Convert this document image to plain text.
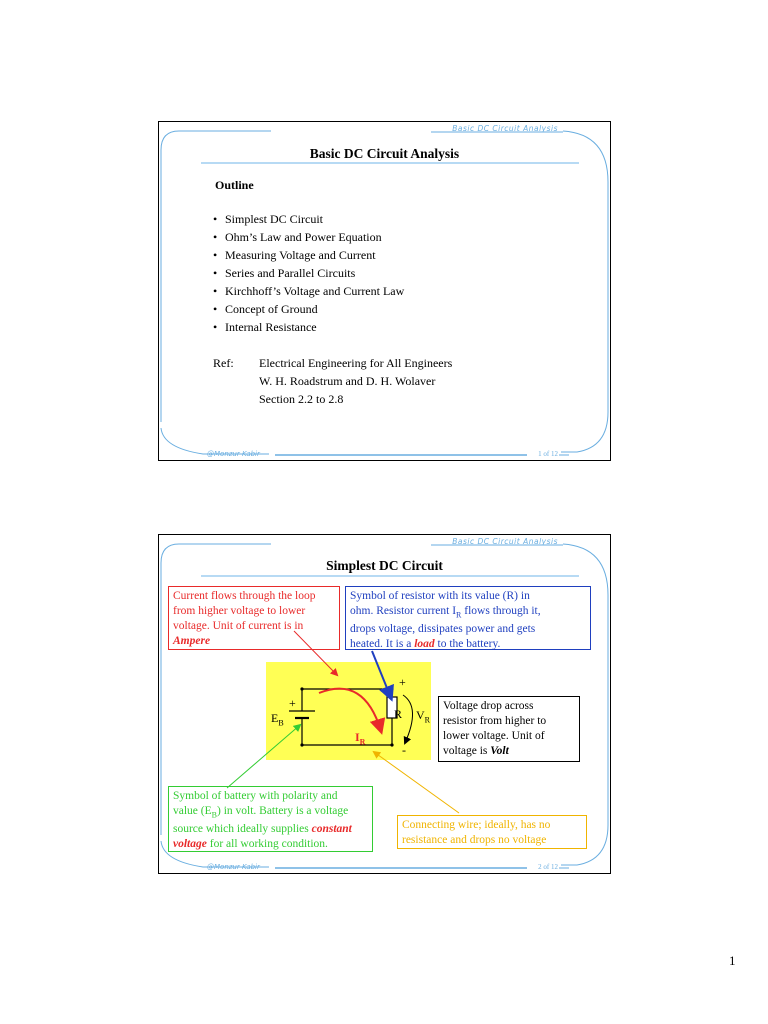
Basic DC Circuit Analysis
Basic DC Circuit Analysis
Outline
• Simplest DC Circuit
• Ohm’s Law and Power Equation
• Measuring Voltage and Current
• Series and Parallel Circuits
• Kirchhoff’s Voltage and Current Law
• Concept of Ground
• Internal Resistance
Ref: Electrical Engineering for All Engineers
W. H. Roadstrum and D. H. Wolaver
Section 2.2 to 2.8
@Monzur Kabir	1 of 12
Basic DC Circuit Analysis
Simplest DC Circuit
+
$E_B$
+
R $V_R$
-
$I_R$
Current flows through the loop
from higher voltage to lower
voltage. Unit of current is in
Ampere
Symbol of resistor with its value (R) in
ohm. Resistor current $I_R$ flows through it,
drops voltage, dissipates power and gets
heated. It is a load to the battery.
Voltage drop across
resistor from higher to
lower voltage. Unit of
voltage is Volt
Symbol of battery with polarity and
value $(E_B)$ in volt. Battery is a voltage
source which ideally supplies constant
voltage for all working condition.
Connecting wire; ideally, has no
resistance and drops no voltage
@Monzur Kabir	2 of 12
1
